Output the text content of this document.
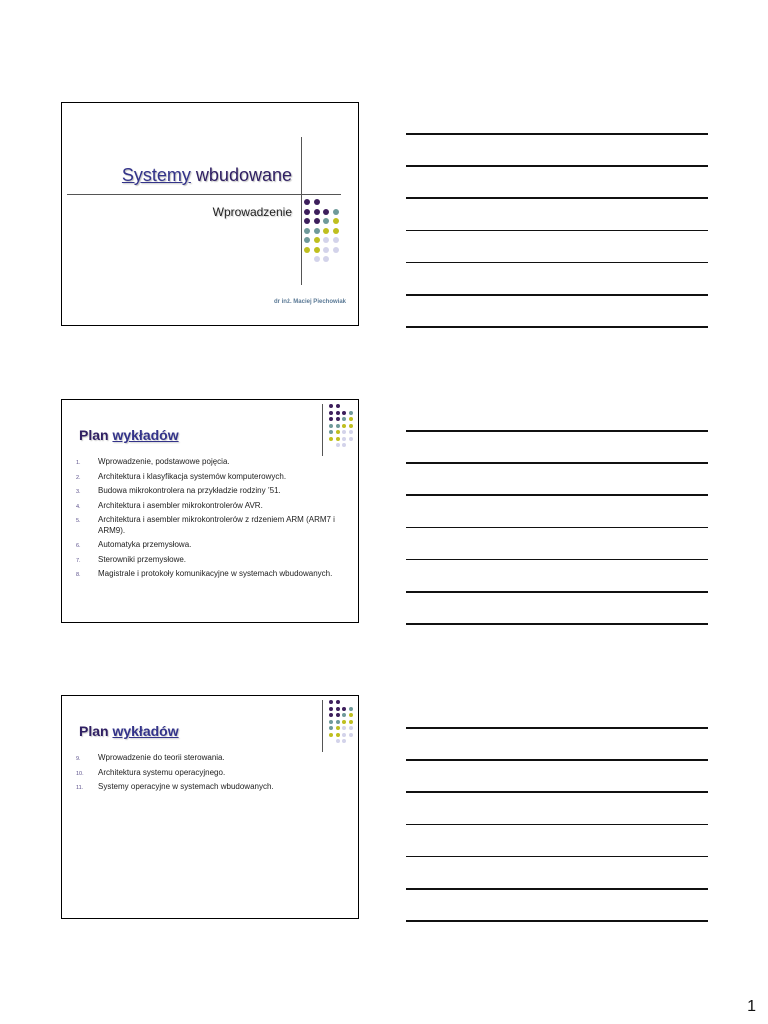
Systemy wbudowane
Wprowadzenie
dr inż. Maciej Piechowiak
Plan wykładów
1. Wprowadzenie, podstawowe pojęcia.
2. Architektura i klasyfikacja systemów komputerowych.
3. Budowa mikrokontrolera na przykładzie rodziny ’51.
4. Architektura i asembler mikrokontrolerów AVR.
5. Architektura i asembler mikrokontrolerów z rdzeniem ARM (ARM7 i ARM9).
6. Automatyka przemysłowa.
7. Sterowniki przemysłowe.
8. Magistrale i protokoły komunikacyjne w systemach wbudowanych.
Plan wykładów
9. Wprowadzenie do teorii sterowania.
10. Architektura systemu operacyjnego.
11. Systemy operacyjne w systemach wbudowanych.
1
